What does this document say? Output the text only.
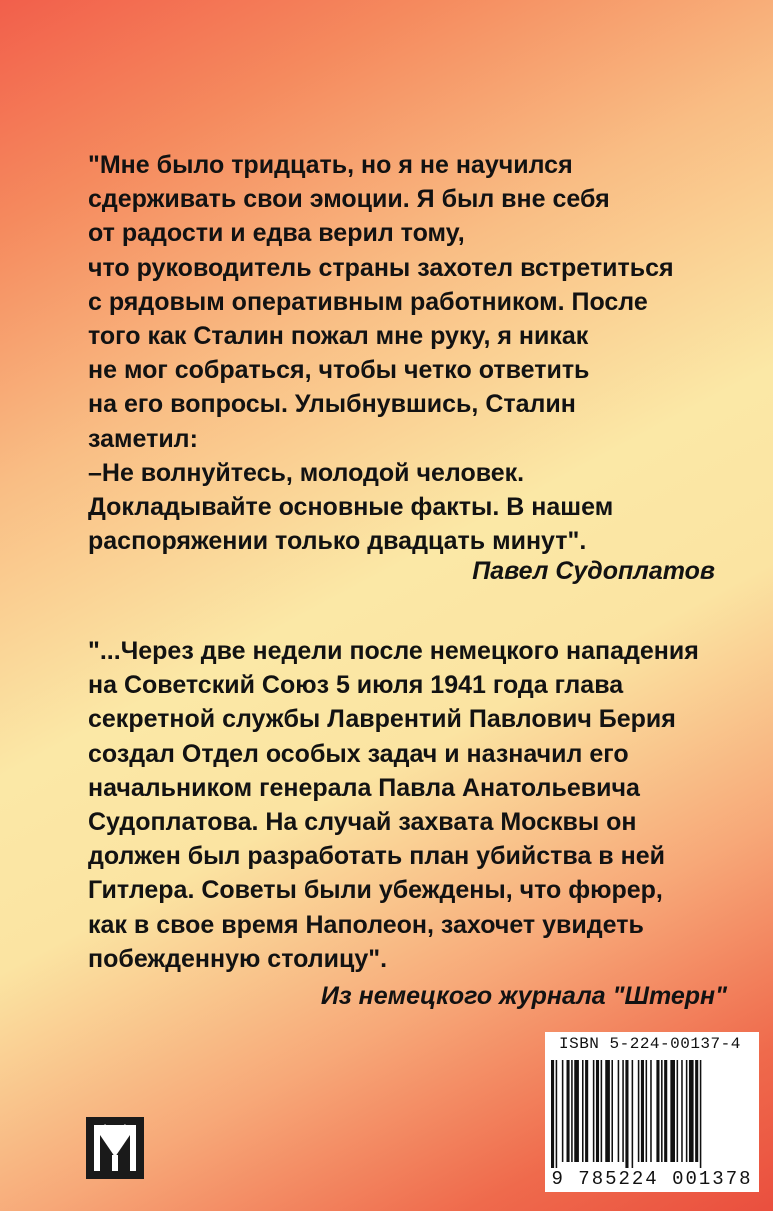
"Мне было тридцать, но я не научился
сдерживать свои эмоции. Я был вне себя
от радости и едва верил тому,
что руководитель страны захотел встретиться
с рядовым оперативным работником. После
того как Сталин пожал мне руку, я никак
не мог собраться, чтобы четко ответить
на его вопросы. Улыбнувшись, Сталин
заметил:
–Не волнуйтесь, молодой человек.
Докладывайте основные факты. В нашем
распоряжении только двадцать минут".

Павел Судоплатов

"...Через две недели после немецкого нападения
на Советский Союз 5 июля 1941 года глава
секретной службы Лаврентий Павлович Берия
создал Отдел особых задач и назначил его
начальником генерала Павла Анатольевича
Судоплатова. На случай захвата Москвы он
должен был разработать план убийства в ней
Гитлера. Советы были убеждены, что фюрер,
как в свое время Наполеон, захочет увидеть
побежденную столицу".

Из немецкого журнала "Штерн"

ISBN 5-224-00137-4
9 785224 001378
